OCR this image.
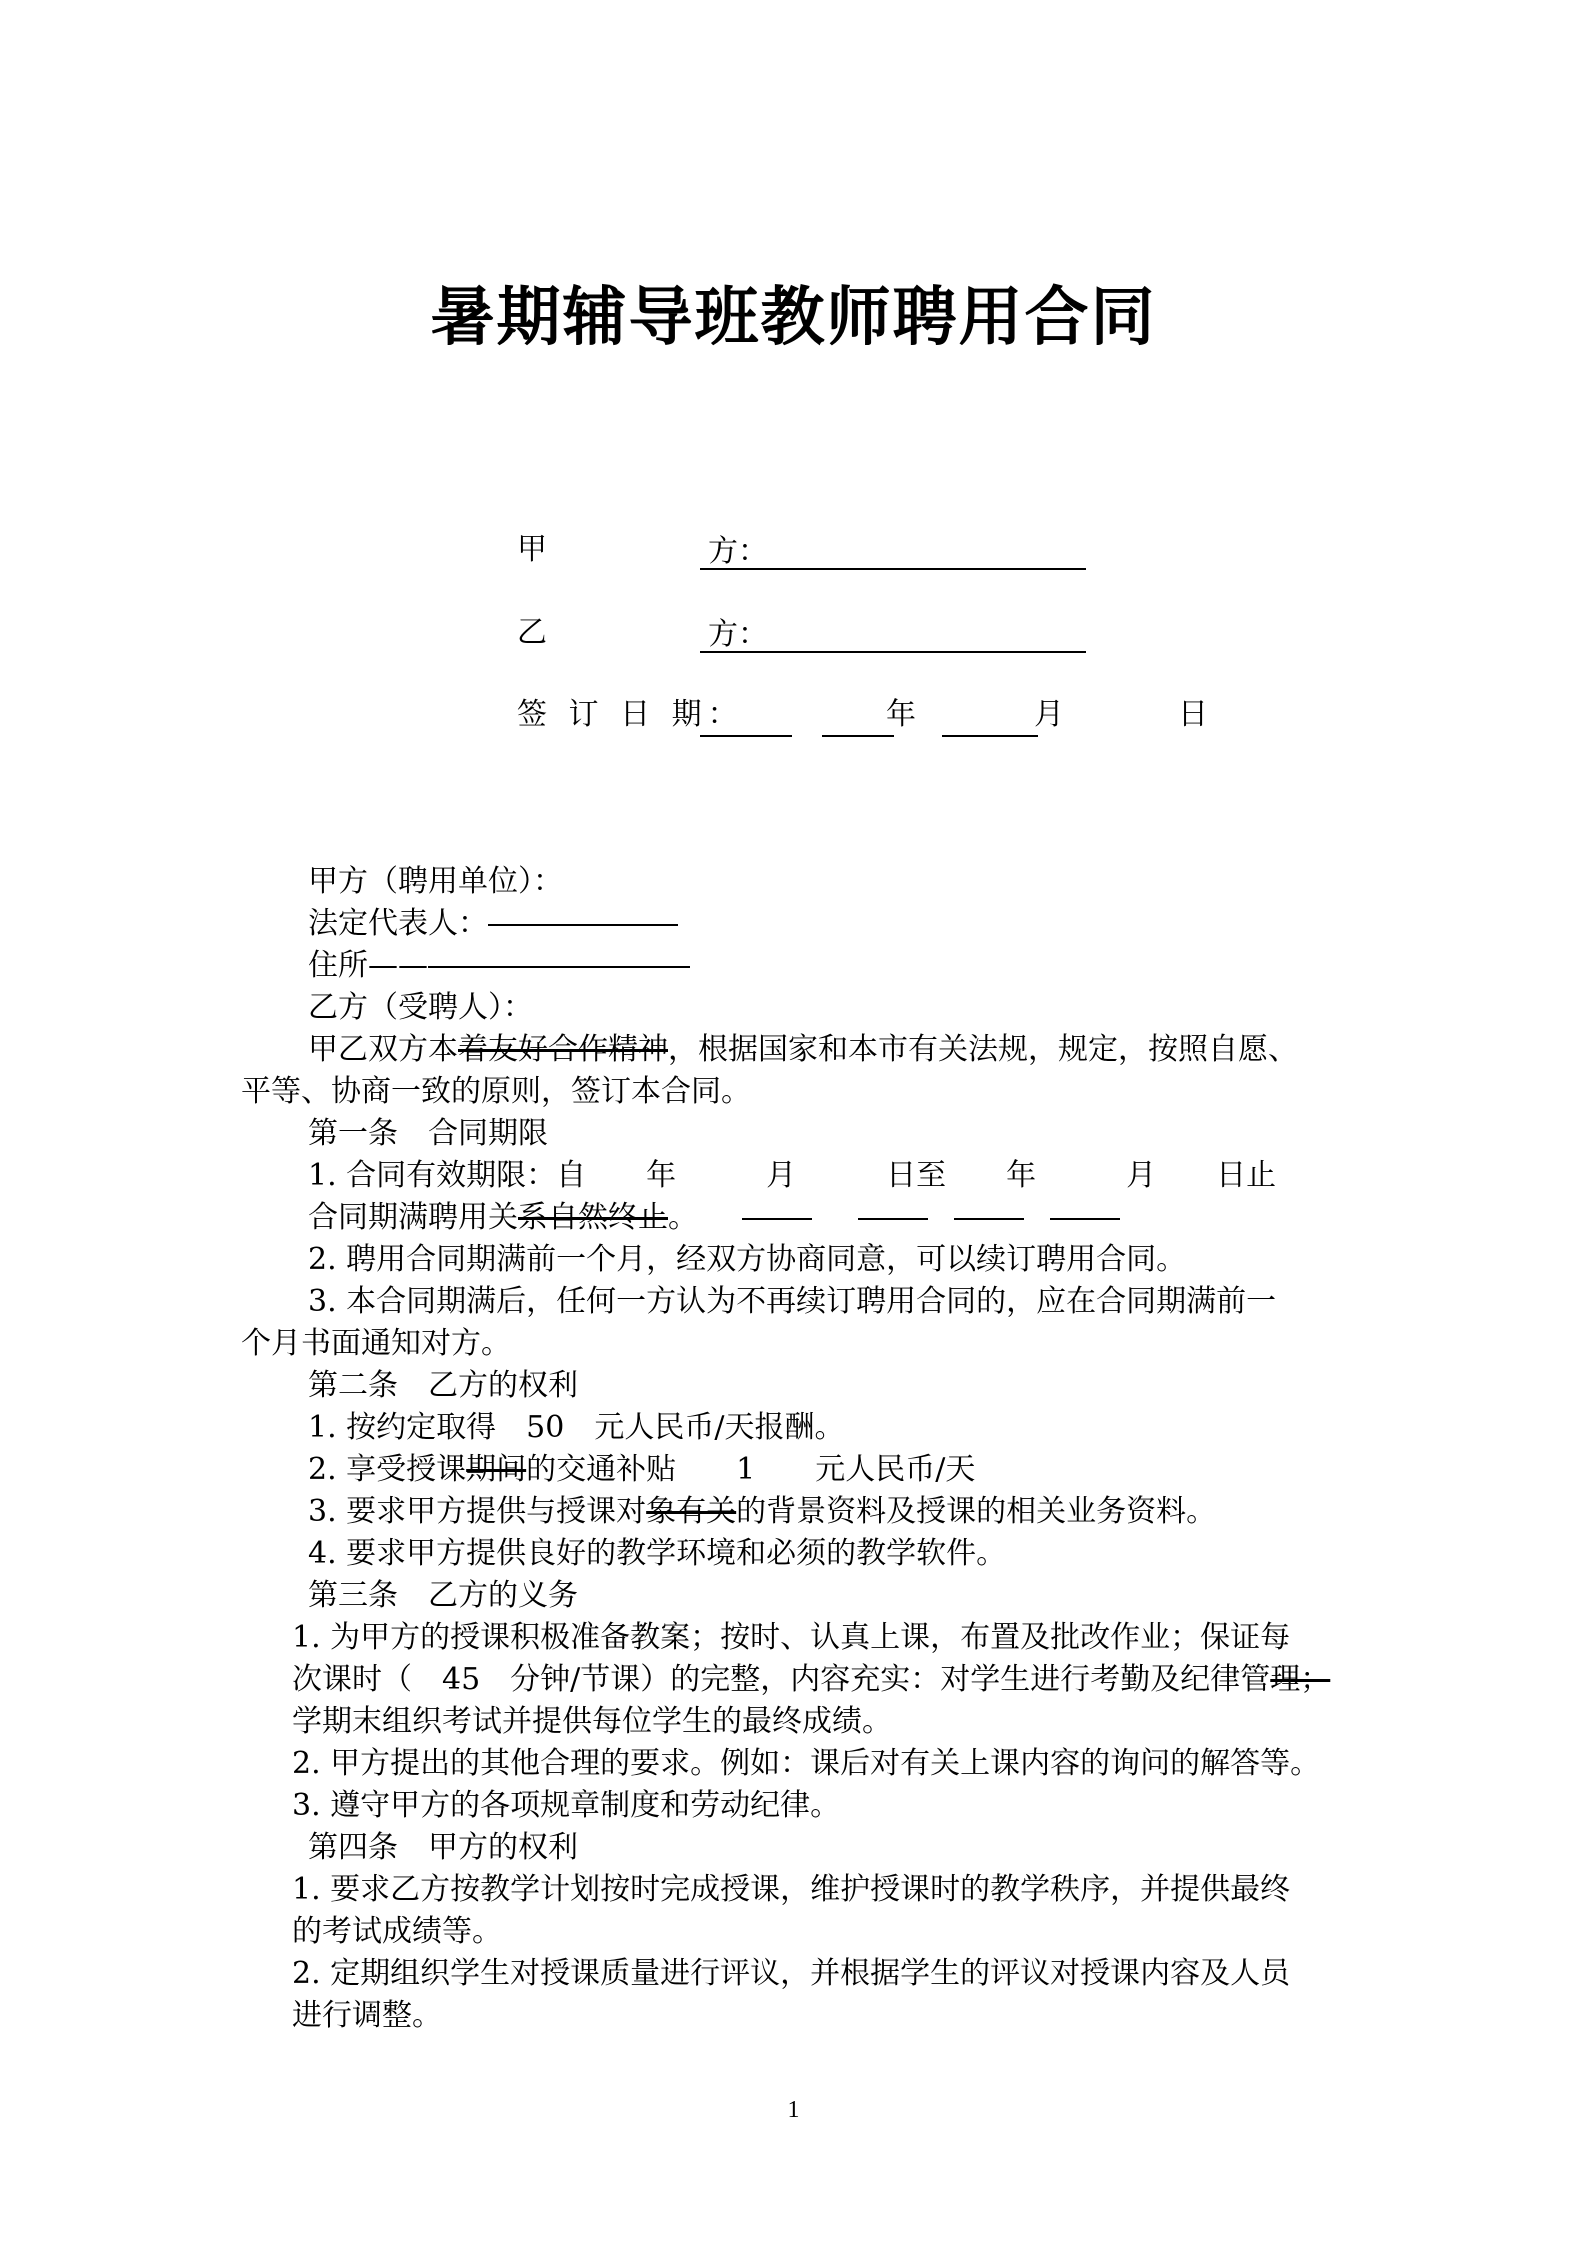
暑期辅导班教师聘用合同
甲	方：
乙	方：
签 订 日 期：	年	月	日
甲方（聘用单位）：
法定代表人：
住所——
乙方（受聘人）：
甲乙双方本着友好合作精神，根据国家和本市有关法规，规定，按照自愿、
平等、协商一致的原则，签订本合同。
第一条　合同期限
1. 合同有效期限：自　　年　　　月　　　日至　　年　　　月　　日止
合同期满聘用关系自然终止。
2. 聘用合同期满前一个月，经双方协商同意，可以续订聘用合同。
3. 本合同期满后，任何一方认为不再续订聘用合同的，应在合同期满前一
个月书面通知对方。
第二条　乙方的权利
1. 按约定取得　50　元人民币/天报酬。
2. 享受授课期间的交通补贴　　1　　元人民币/天
3. 要求甲方提供与授课对象有关的背景资料及授课的相关业务资料。
4. 要求甲方提供良好的教学环境和必须的教学软件。
第三条　乙方的义务
1. 为甲方的授课积极准备教案；按时、认真上课，布置及批改作业；保证每
次课时（　45　分钟/节课）的完整，内容充实：对学生进行考勤及纪律管理；
学期末组织考试并提供每位学生的最终成绩。
2. 甲方提出的其他合理的要求。例如：课后对有关上课内容的询问的解答等。
3. 遵守甲方的各项规章制度和劳动纪律。
第四条　甲方的权利
1. 要求乙方按教学计划按时完成授课，维护授课时的教学秩序，并提供最终
的考试成绩等。
2. 定期组织学生对授课质量进行评议，并根据学生的评议对授课内容及人员
进行调整。
1
